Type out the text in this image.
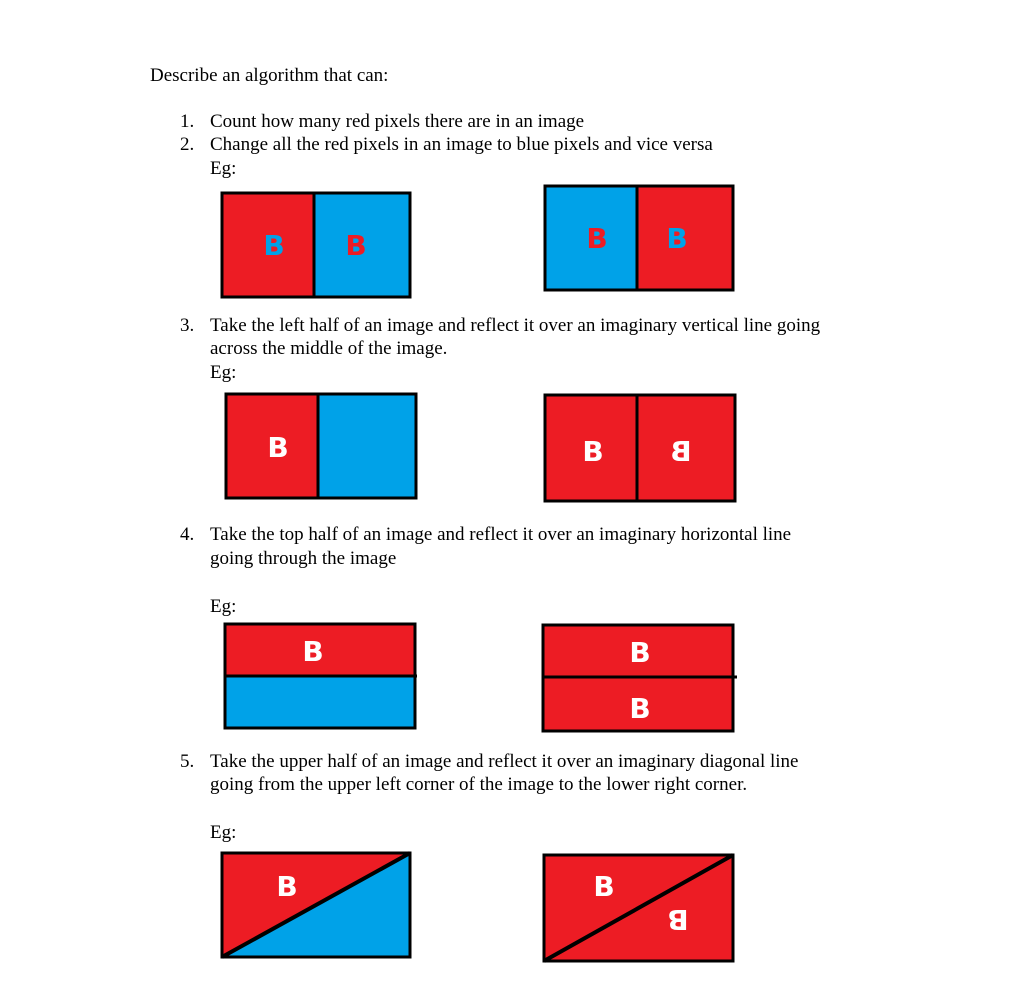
Describe an algorithm that can:
1. Count how many red pixels there are in an image
2. Change all the red pixels in an image to blue pixels and vice versa
Eg:
B B	B B
3. Take the left half of an image and reflect it over an imaginary vertical line going
across the middle of the image.
Eg:
B	B B
4. Take the top half of an image and reflect it over an imaginary horizontal line
going through the image
Eg:
B	B
B
5. Take the upper half of an image and reflect it over an imaginary diagonal line
going from the upper left corner of the image to the lower right corner.
Eg:
B	B
B
